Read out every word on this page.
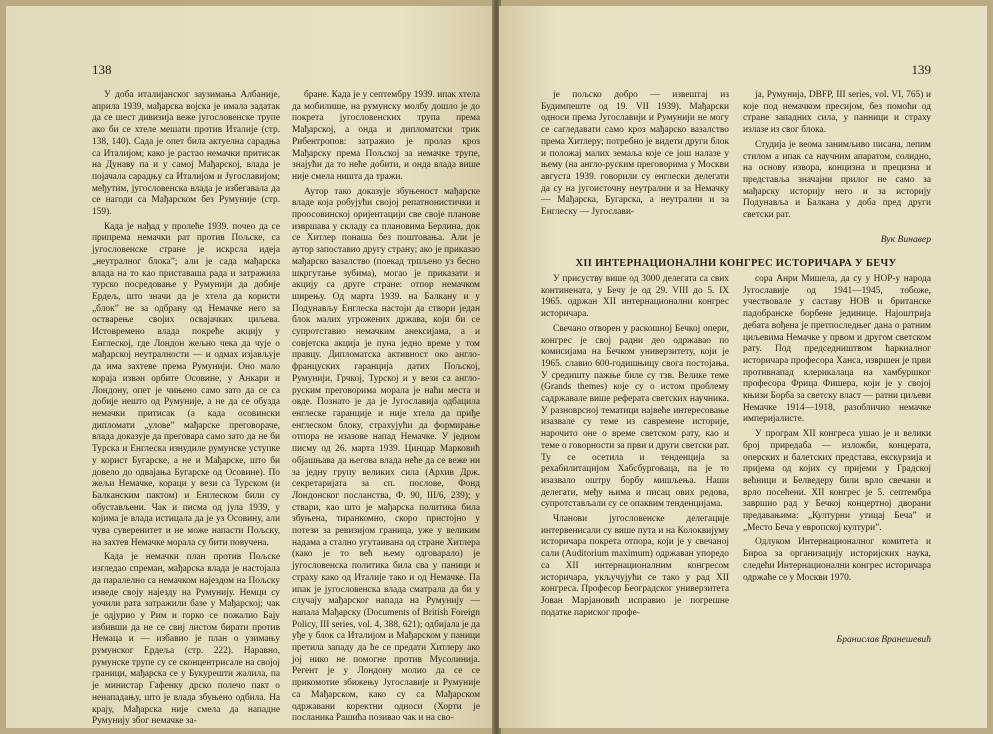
138

У доба италијанског заузимања Албаније, априла 1939, мађарска војска је имала задатак да се шест дивизија веже југословенске трупе ако би се хтеле мешати против Италије (стр. 138, 140). Сада је опет била актуелна сарадња са Италијом; како је растао немачки притисак на Дунаву па и у самој Мађарској, влада је појачала сарадњу са Италијом и Југославијом; међутим, југословенска влада је избегавала да се нагоди са Мађарском без Румуније (стр. 159).

Када је нађад у пролеће 1939. почео да се припрема немачки рат против Пољске, са југословенске стране је искрсла идеја „неутралног блока”; али је сада мађарска влада на то као приставаша рада и затражила турско посредовање у Румунији да добије Ердељ, што значи да је хтела да користи „блок” не за одбрану од Немачке него за остварење својих освајачких циљева. Истовремено влада покреће акцију у Енглеској, где Лондон жељно чека да чује о мађарској неутралности — и одмах изјављује да има захтеве према Румунији. Оно мало кораја извән орбите Осовине, у Анкари и Лондону, опет је чињено само зато да се са добије нешто од Румуније, а не да се обузда немачки притисак (а када осовински дипломати „улове” мађарске преговораче, влада доказује да преговара само зато да не би Турска и Енглеска изнудиле румунске уступке у корист Бугарске, а не и Мађарске, што би довело до одвајања Бугарске од Осовине). По жељи Немачке, кораци у вези са Турском (и Балканским пактом) и Енглеском били су обустављени. Чак и писма од јула 1939, у којима је влада истицала да је уз Осовину, али чува суверенитет и не може напасти Пољску, на захтев Немачке морала су бити повучена.

Када је немачки план против Пољске изгледао спреман, мађарска влада је настојала да паралелно са немачком најездом на Пољску изведе своју најезду на Румунију. Немци су уочили рата затражили базе у Мађарској; чак је одјурио у Рим и горко се пожалио Бају избивши да не се свиј листом бирати против Немаца и — избавио је план о узимању румунског Ердеља (стр. 222). Наравно, румунске трупе су се сконцентрисале на својој граници, мађарска се у Букурешти жалила, па је министар Гафенку дрско полечо пакт о ненападању, што је влада збуњено одбила. На крају, Мађарска није смела да нападне Румунију због немачке за-

бране. Када је у септембру 1939. ипак хтела да мобилише, на румунску молбу дошло је до покрета југословенских трупа према Мађарској, а онда и дипломатски трик Рибентропов: затражио је пролаз кроз Мађарску према Пољској за немачке трупе, знајући да то неће добити, и онда влада више није смела ништа да тражи.

Аутор тако доказује збуњеност мађарске владе која робујући својој репатнонистички и проосовинској оријентацији све своје планове извршава у складу са плановима Берлина, док се Хитлер понаша без поштовања. Али је аутор запоставио другу страну; ако је приказао мађарско вазалство (поекад трпљено уз бесно шкргутање зубима), могао је приказати и акцију са друге стране: отпор немачком ширењу. Од марта 1939. на Балкану и у Подунављу Енглеска настоји да створи један блок малих угрожених држава, који би се супротставио немачким анексијама, а и совјетска акција је пуна једно време у том правцу. Дипломатска активност око англо-францускиx гаранција датих Пољској, Румунији, Грчкој, Турској и у вези са англо-руским преговорима морала је наћи места и овде. Познато је да је Југославија одбацила енглеске гаранције и није хтела да приђе енглеском блоку, страхујући да формирање отпора не изазове напад Немачке. У једном писму од 26. марта 1939. Цинцар Марковић објашњава да његова влада неће да се веже ни за једну групу великих сила (Архив Држ. секретаријата за сп. послове, Фонд Лондонског посланства, Ф. 90, III/6, 239); у ствари, као што је мађарска политика била збуњена, тиранкомно, скоро пристојно у потези за ревизијом граница, уже у великим надама а стално угутаивана од стране Хитлера (како је то већ њему одговарало) је југословенска политика била сва у паници и страху како од Италије тако и од Немачке. Па ипак је југословенска влада сматрала да би у случају мађарског напада на Румунију — напала Мађарску (Documents of British Foreign Policy, III series, vol. 4, 388, 621); одбијала је да уђе у блок са Италијом и Мађарском у паници претила западу да ће се предати Хитлеру ако јој нико не помогне против Мусолинија. Регент је у Лондону молио да се сe прикомотие збижењу Југославије и Румуније са Мађарском, како су са Мађарском одржавани коректни односи (Хорти је посланика Рашића позивао чак и на сво-

139

је пољско добро — извештај из Будимпеште од 19. VII 1939). Мађарски односи према Југославији и Румунији не могу се сагледавати само кроз мађарско вазалство према Хитлеру; потребно је видети други блок и положај малих земаља које се још налазе у њему (на англо-руским преговорима у Москви августа 1939. говорили су енглески делегати да су на југоисточну неутрални и за Немачку — Мађарска, Бугарска, а неутрални и за Енглеску — Југослави-

ја, Румунија, DBFP, III series, vol. VI, 765) и које под немачком пресијом, без помоћи од стране западних сила, у панници и страху излазе из свог блока.

Студија је веома занимљиво писана, лепим стилом а ипак са научним апаратом, солидно, на основу извора, концизна и прецизна и представља значајни прилог не само за мађарску историју него и за историју Подунавља и Балкана у доба пред други светски рат.

Вук Винавер
XII ИНТЕРНАЦИОНАЛНИ КОНГРЕС ИСТОРИЧАРА У БЕЧУ

У присуству више од 3000 делегата са свих континената, у Бечу је од 29. VIII до 5. IX 1965. одржан XII интернационални конгрес историчара.

Свечано отворен у раскошној Бечкој опери, конгрес је свој радни део одржавао по комисијама на Бечком универзитету, који је 1965. славио 600-годишњицу свога постојања. У средишту пажње биле су тзв. Велике теме (Grands themes) које су о истом проблему садржавале више реферата светских научника. У разноврсној тематици највеће интересовање изазвале су теме из савремене историје, нарочито оне о време светском рату, као и теме о говорности за први и други светски рат. Ту се осетила и тенденција за рехабилитацијом Хабсбурговаца, па је то изазвало оштру борбу мишљења. Наши делегати, међу њима и писац ових редова, супротстављали су се опаквим тенденцијама.

Чланови југословенске делегације интервенисали су више пута и на Колоквијуму историчара покрета отпора, који је у свечаној сали (Auditorium maximum) одржаван упоредо са XII интернационалним конгресом историчара, укључујући се тако у рад XII конгреса. Професор Београдског универзитета Јован Марјановић исправио је погрешне податке париског профе-

сора Анри Мишела, да су у НОР-у народа Југославије од 1941—1945, тобоже, учествовале у саставу НОВ и британске падобранске борбене јединице. Најоштрија дебата вођена је претпоследњег дана о ратним циљевима Немачке у првом и другом светском рату. Под председништвом ћаркиалног историчара професора Ханса, извршен је први противнапад клерикалаца на хамбуршког професора Фрица Фишера, који је у својој књизи Борба за светску власт — ратни циљеви Немачке 1914—1918, разобличио немачке империјалисте.

У програм XII конгреса ушао је и велики број приредаба — изложби, концерата, оперских и балетских представа, екскурзија и пријема од којих су пријеми у Градској већници и Белведеру били врло свечани и врло посећени. XII конгрес је 5. септембра завршио рад у Бечкој концертној дворани предавањима: „Културни утицај Беча” и „Место Беча у европској култури”.

Одлуком Интернационалног комитета и Бироа за организацију историјских наука, следећи Интернационални конгрес историчара одржаће се у Москви 1970.

Бранислав Вранешевић
